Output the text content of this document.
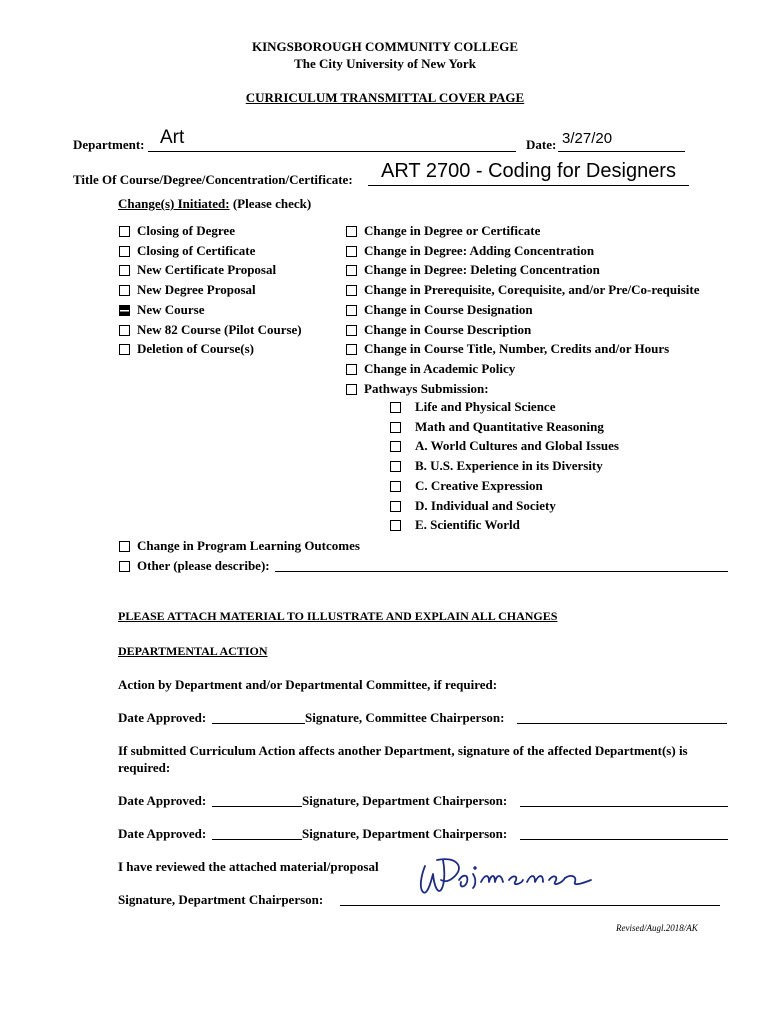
KINGSBOROUGH COMMUNITY COLLEGE
The City University of New York
CURRICULUM TRANSMITTAL COVER PAGE
Department: Art	Date: 3/27/20
Title Of Course/Degree/Concentration/Certificate: ART 2700 - Coding for Designers
Change(s) Initiated: (Please check)
Closing of Degree
Closing of Certificate
New Certificate Proposal
New Degree Proposal
New Course
New 82 Course (Pilot Course)
Deletion of Course(s)
Change in Degree or Certificate
Change in Degree: Adding Concentration
Change in Degree: Deleting Concentration
Change in Prerequisite, Corequisite, and/or Pre/Co-requisite
Change in Course Designation
Change in Course Description
Change in Course Title, Number, Credits and/or Hours
Change in Academic Policy
Pathways Submission:
Life and Physical Science
Math and Quantitative Reasoning
A. World Cultures and Global Issues
B. U.S. Experience in its Diversity
C. Creative Expression
D. Individual and Society
E. Scientific World
Change in Program Learning Outcomes
Other (please describe):
PLEASE ATTACH MATERIAL TO ILLUSTRATE AND EXPLAIN ALL CHANGES
DEPARTMENTAL ACTION
Action by Department and/or Departmental Committee, if required:
Date Approved:	Signature, Committee Chairperson:
If submitted Curriculum Action affects another Department, signature of the affected Department(s) is required:
Date Approved:	Signature, Department Chairperson:
Date Approved:	Signature, Department Chairperson:
I have reviewed the attached material/proposal
Signature, Department Chairperson:
Revised/Augl.2018/AK
